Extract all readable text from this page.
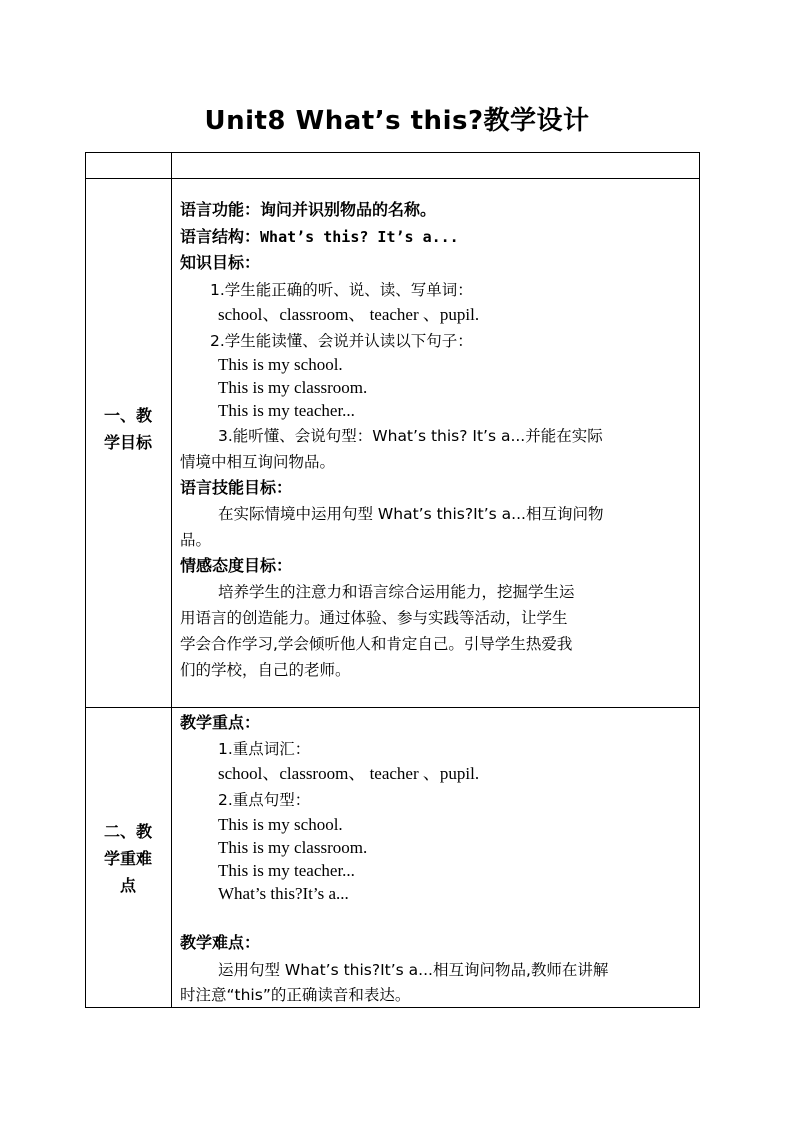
Unit8 What’s this?教学设计
一、教
学目标
语言功能：询问并识别物品的名称。
语言结构：What’s this? It’s a...
知识目标：
1.学生能正确的听、说、读、写单词：
school、classroom、 teacher 、pupil.
2.学生能读懂、会说并认读以下句子：
This is my school.
This is my classroom.
This is my teacher...
3.能听懂、会说句型：What’s this? It’s a...并能在实际
情境中相互询问物品。
语言技能目标：
在实际情境中运用句型 What’s this?It’s a...相互询问物
品。
情感态度目标：
培养学生的注意力和语言综合运用能力，挖掘学生运
用语言的创造能力。通过体验、参与实践等活动，让学生
学会合作学习,学会倾听他人和肯定自己。引导学生热爱我
们的学校，自己的老师。
二、教
学重难
点
教学重点：
1.重点词汇：
school、classroom、 teacher 、pupil.
2.重点句型：
This is my school.
This is my classroom.
This is my teacher...
What’s this?It’s a...
教学难点：
运用句型 What’s this?It’s a...相互询问物品,教师在讲解
时注意“this”的正确读音和表达。
